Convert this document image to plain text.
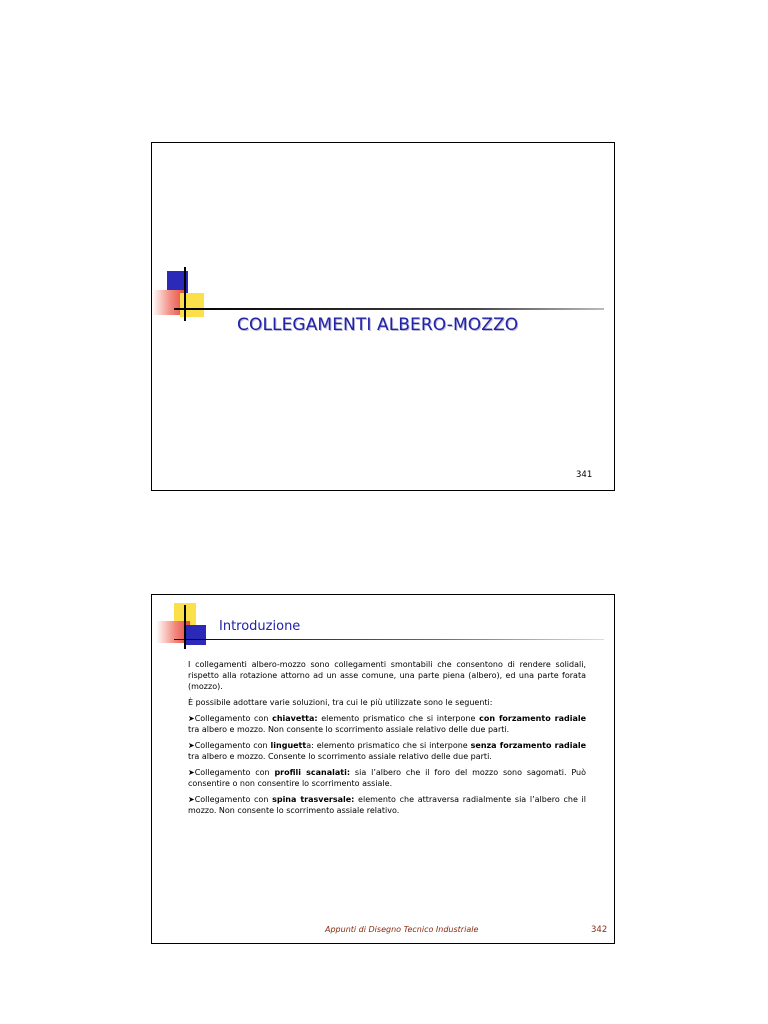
COLLEGAMENTI ALBERO-MOZZO
341
Introduzione

I collegamenti albero-mozzo sono collegamenti smontabili che consentono di rendere solidali, rispetto alla rotazione attorno ad un asse comune, una parte piena (albero), ed una parte forata (mozzo).

È possibile adottare varie soluzioni, tra cui le più utilizzate sono le seguenti:

➤Collegamento con chiavetta: elemento prismatico che si interpone con forzamento radiale tra albero e mozzo. Non consente lo scorrimento assiale relativo delle due parti.

➤Collegamento con linguetta: elemento prismatico che si interpone senza forzamento radiale tra albero e mozzo. Consente lo scorrimento assiale relativo delle due parti.

➤Collegamento con profili scanalati: sia l’albero che il foro del mozzo sono sagomati. Può consentire o non consentire lo scorrimento assiale.

➤Collegamento con spina trasversale: elemento che attraversa radialmente sia l’albero che il mozzo. Non consente lo scorrimento assiale relativo.

Appunti di Disegno Tecnico Industriale	342
